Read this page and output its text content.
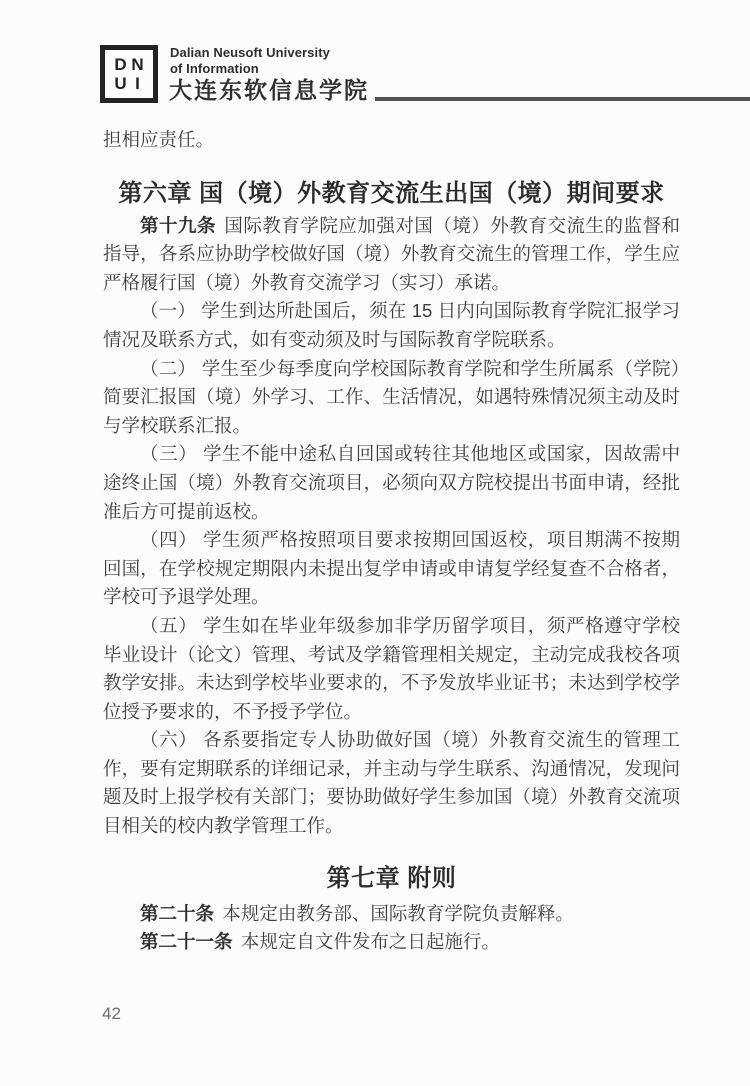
D N
U I
Dalian Neusoft University
of Information
大连东软信息学院

担相应责任。

第六章 国（境）外教育交流生出国（境）期间要求

第十九条 国际教育学院应加强对国（境）外教育交流生的监督和指导，各系应协助学校做好国（境）外教育交流生的管理工作，学生应严格履行国（境）外教育交流学习（实习）承诺。

（一） 学生到达所赴国后，须在 15 日内向国际教育学院汇报学习情况及联系方式，如有变动须及时与国际教育学院联系。

（二） 学生至少每季度向学校国际教育学院和学生所属系（学院）简要汇报国（境）外学习、工作、生活情况，如遇特殊情况须主动及时与学校联系汇报。

（三） 学生不能中途私自回国或转往其他地区或国家，因故需中途终止国（境）外教育交流项目，必须向双方院校提出书面申请，经批准后方可提前返校。

（四） 学生须严格按照项目要求按期回国返校，项目期满不按期回国，在学校规定期限内未提出复学申请或申请复学经复查不合格者，学校可予退学处理。

（五） 学生如在毕业年级参加非学历留学项目，须严格遵守学校毕业设计（论文）管理、考试及学籍管理相关规定，主动完成我校各项教学安排。未达到学校毕业要求的，不予发放毕业证书；未达到学校学位授予要求的，不予授予学位。

（六） 各系要指定专人协助做好国（境）外教育交流生的管理工作，要有定期联系的详细记录，并主动与学生联系、沟通情况，发现问题及时上报学校有关部门；要协助做好学生参加国（境）外教育交流项目相关的校内教学管理工作。

第七章 附则

第二十条 本规定由教务部、国际教育学院负责解释。

第二十一条 本规定自文件发布之日起施行。

42
